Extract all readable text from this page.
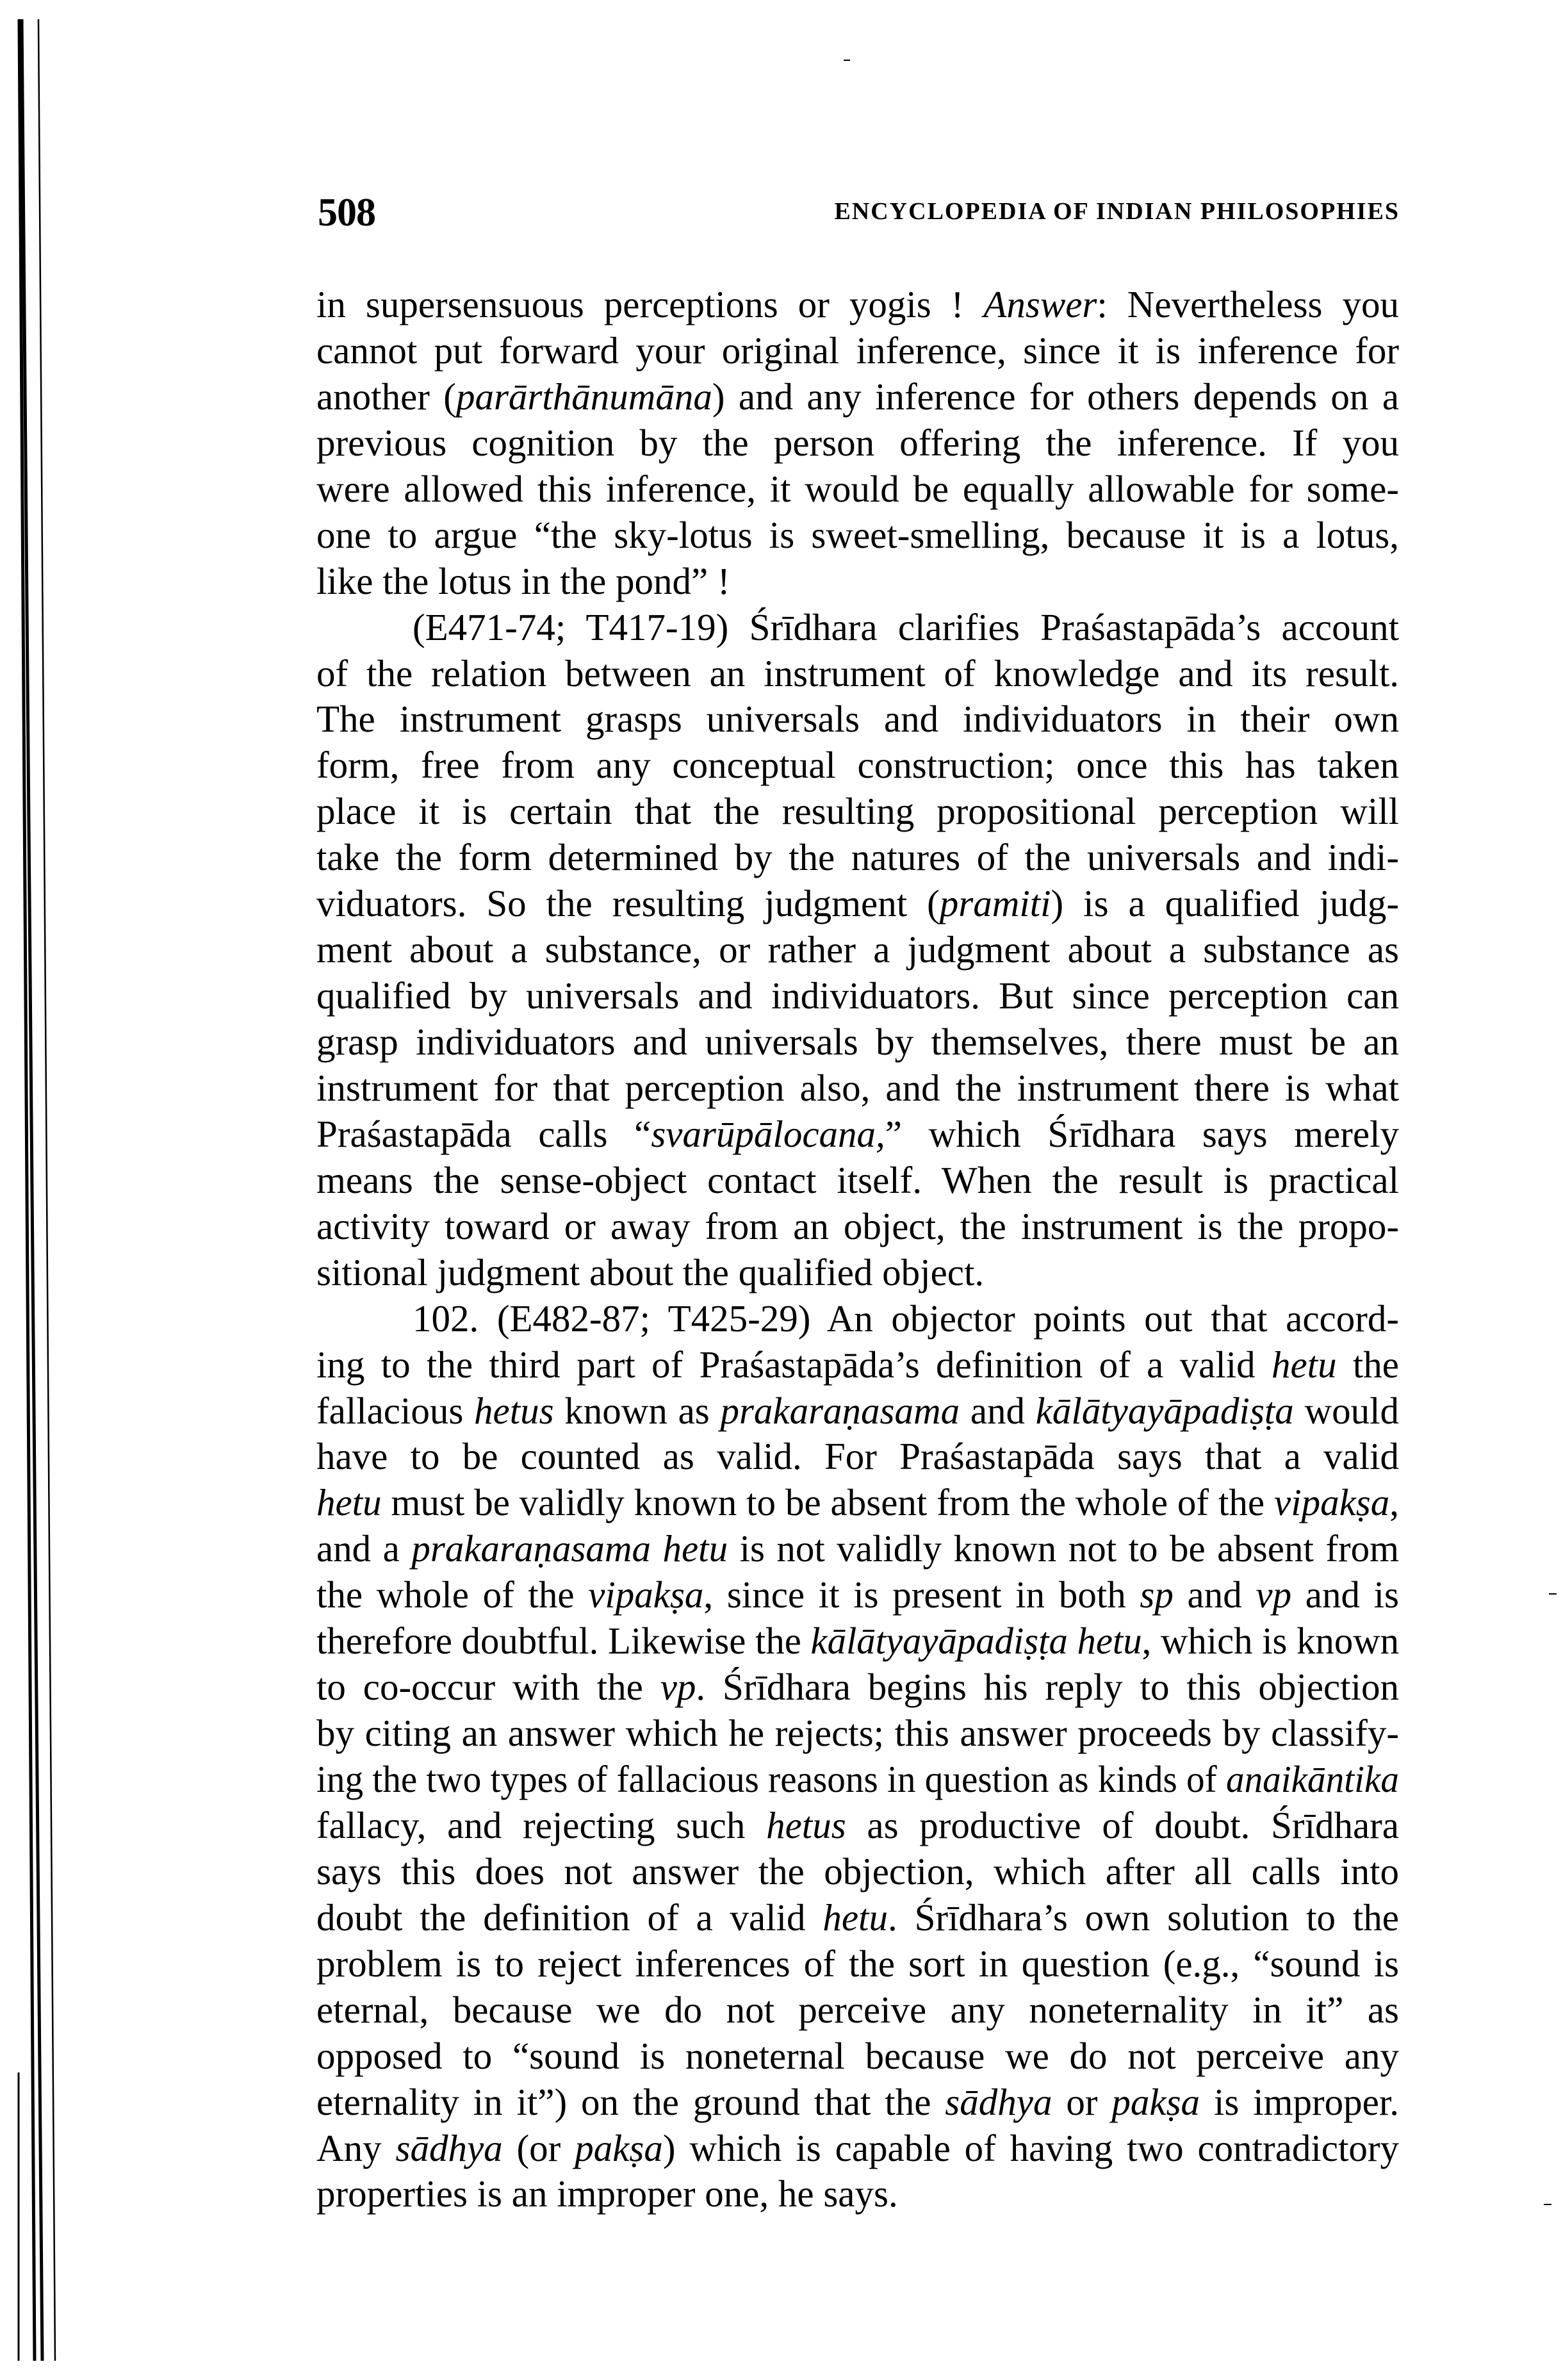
508	ENCYCLOPEDIA OF INDIAN PHILOSOPHIES
in supersensuous perceptions or yogis ! Answer: Nevertheless you
cannot put forward your original inference, since it is inference for
another (parārthānumāna) and any inference for others depends on a
previous cognition by the person offering the inference. If you
were allowed this inference, it would be equally allowable for some-
one to argue “the sky-lotus is sweet-smelling, because it is a lotus,
like the lotus in the pond” !
(E471-74; T417-19) Śrīdhara clarifies Praśastapāda’s account
of the relation between an instrument of knowledge and its result.
The instrument grasps universals and individuators in their own
form, free from any conceptual construction; once this has taken
place it is certain that the resulting propositional perception will
take the form determined by the natures of the universals and indi-
viduators. So the resulting judgment (pramiti) is a qualified judg-
ment about a substance, or rather a judgment about a substance as
qualified by universals and individuators. But since perception can
grasp individuators and universals by themselves, there must be an
instrument for that perception also, and the instrument there is what
Praśastapāda calls “svarūpālocana,” which Śrīdhara says merely
means the sense-object contact itself. When the result is practical
activity toward or away from an object, the instrument is the propo-
sitional judgment about the qualified object.
102. (E482-87; T425-29) An objector points out that accord-
ing to the third part of Praśastapāda’s definition of a valid hetu the
fallacious hetus known as prakaraṇasama and kālātyayāpadiṣṭa would
have to be counted as valid. For Praśastapāda says that a valid
hetu must be validly known to be absent from the whole of the vipakṣa,
and a prakaraṇasama hetu is not validly known not to be absent from
the whole of the vipakṣa, since it is present in both sp and vp and is
therefore doubtful. Likewise the kālātyayāpadiṣṭa hetu, which is known
to co-occur with the vp. Śrīdhara begins his reply to this objection
by citing an answer which he rejects; this answer proceeds by classify-
ing the two types of fallacious reasons in question as kinds of anaikāntika
fallacy, and rejecting such hetus as productive of doubt. Śrīdhara
says this does not answer the objection, which after all calls into
doubt the definition of a valid hetu. Śrīdhara’s own solution to the
problem is to reject inferences of the sort in question (e.g., “sound is
eternal, because we do not perceive any noneternality in it” as
opposed to “sound is noneternal because we do not perceive any
eternality in it”) on the ground that the sādhya or pakṣa is improper.
Any sādhya (or pakṣa) which is capable of having two contradictory
properties is an improper one, he says.
